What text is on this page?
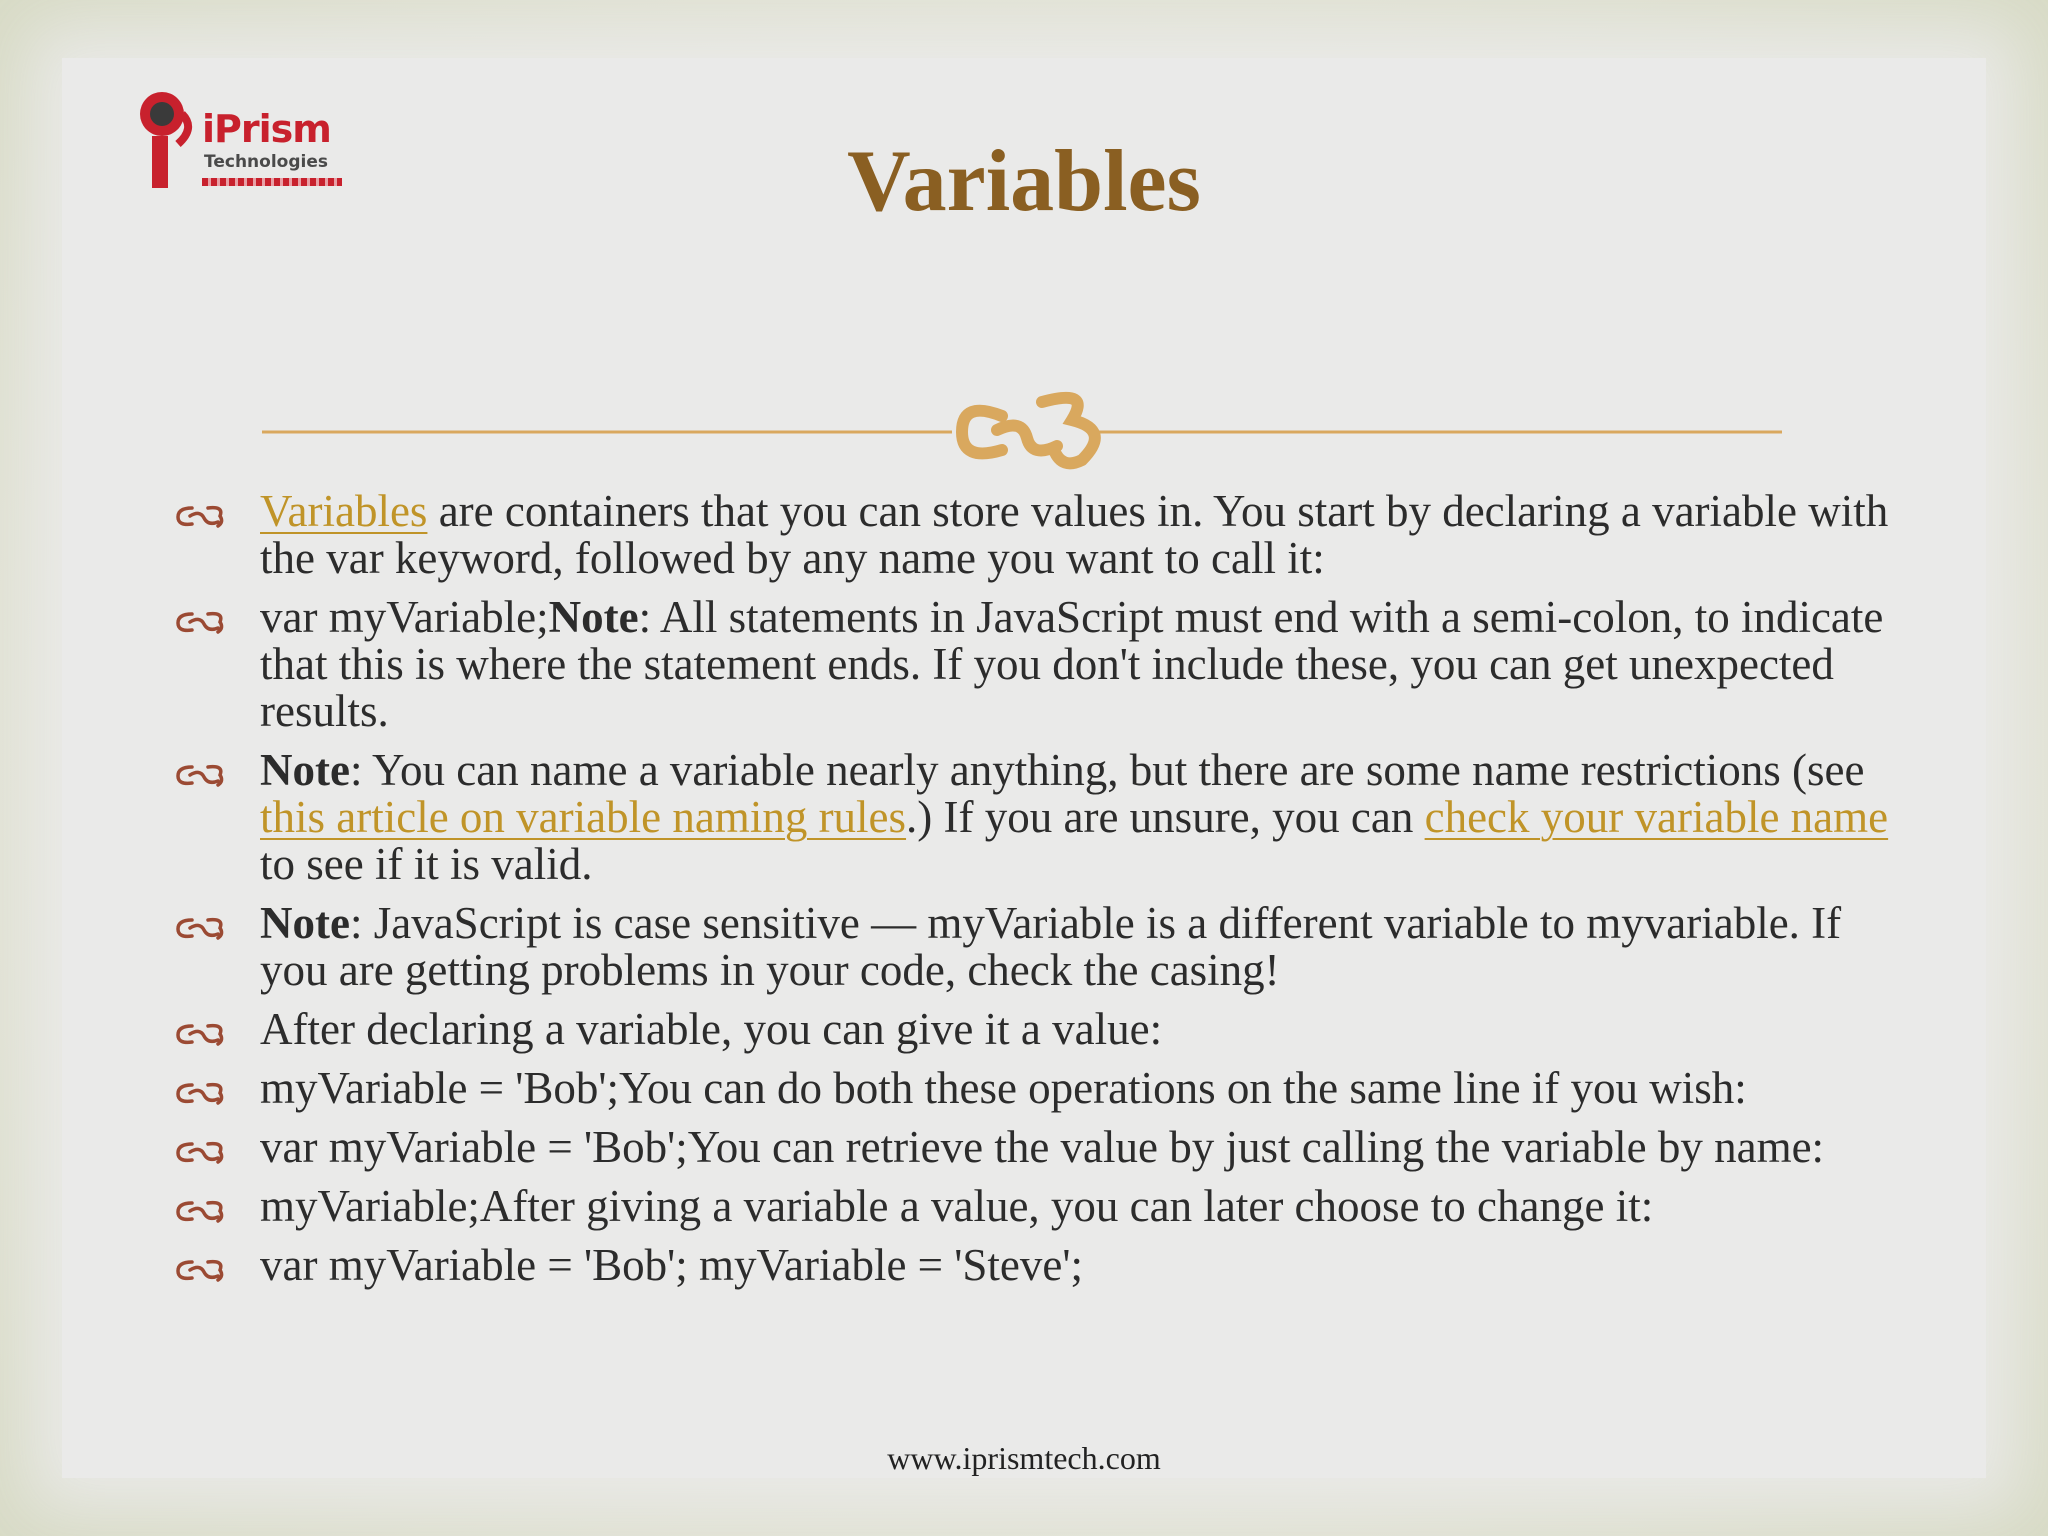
iPrism
Technologies	Variables
Variables are containers that you can store values in. You start by declaring a variable with the var keyword, followed by any name you want to call it:
var myVariable;Note: All statements in JavaScript must end with a semi-colon, to indicate that this is where the statement ends. If you don't include these, you can get unexpected results.
Note: You can name a variable nearly anything, but there are some name restrictions (see this article on variable naming rules.) If you are unsure, you can check your variable name to see if it is valid.
Note: JavaScript is case sensitive — myVariable is a different variable to myvariable. If you are getting problems in your code, check the casing!
After declaring a variable, you can give it a value:
myVariable = 'Bob';You can do both these operations on the same line if you wish:
var myVariable = 'Bob';You can retrieve the value by just calling the variable by name:
myVariable;After giving a variable a value, you can later choose to change it:
var myVariable = 'Bob'; myVariable = 'Steve';
www.iprismtech.com
